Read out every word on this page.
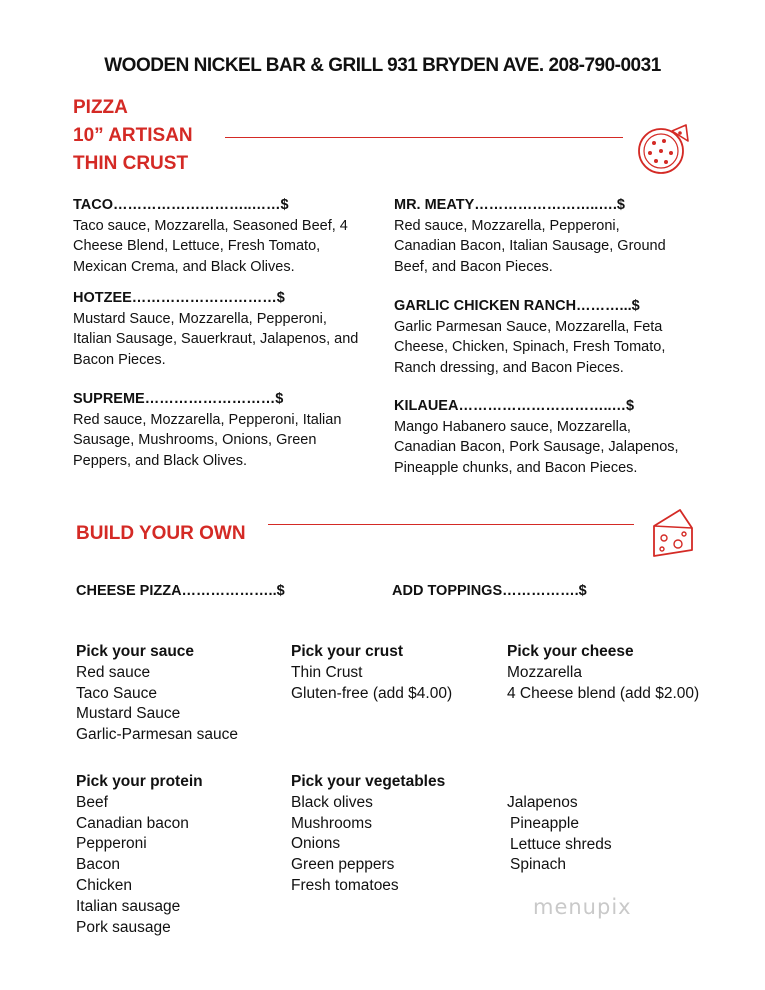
WOODEN NICKEL BAR & GRILL 931 BRYDEN AVE. 208-790-0031
PIZZA
10” ARTISAN
THIN CRUST
TACO………………………..……$
Taco sauce, Mozzarella, Seasoned Beef, 4 Cheese Blend, Lettuce, Fresh Tomato, Mexican Crema, and Black Olives.
HOTZEE…………………………$
Mustard Sauce, Mozzarella, Pepperoni, Italian Sausage, Sauerkraut, Jalapenos, and Bacon Pieces.
SUPREME………………………$
Red sauce, Mozzarella, Pepperoni, Italian Sausage, Mushrooms, Onions, Green Peppers, and Black Olives.
MR. MEATY……………………..….$
Red sauce, Mozzarella, Pepperoni, Canadian Bacon, Italian Sausage, Ground Beef, and Bacon Pieces.
GARLIC CHICKEN RANCH………...$
Garlic Parmesan Sauce, Mozzarella, Feta Cheese, Chicken, Spinach, Fresh Tomato, Ranch dressing, and Bacon Pieces.
KILAUEA…………………………..…$
Mango Habanero sauce, Mozzarella, Canadian Bacon, Pork Sausage, Jalapenos, Pineapple chunks, and Bacon Pieces.
BUILD YOUR OWN
CHEESE PIZZA………………..$	ADD TOPPINGS…………….$
Pick your sauce
Red sauce
Taco Sauce
Mustard Sauce
Garlic-Parmesan sauce
Pick your crust
Thin Crust
Gluten-free (add $4.00)
Pick your cheese
Mozzarella
4 Cheese blend (add $2.00)
Pick your protein
Beef
Canadian bacon
Pepperoni
Bacon
Chicken
Italian sausage
Pork sausage
Pick your vegetables
Black olives
Mushrooms
Onions
Green peppers
Fresh tomatoes
Jalapenos
Pineapple
Lettuce shreds
Spinach
menupix
